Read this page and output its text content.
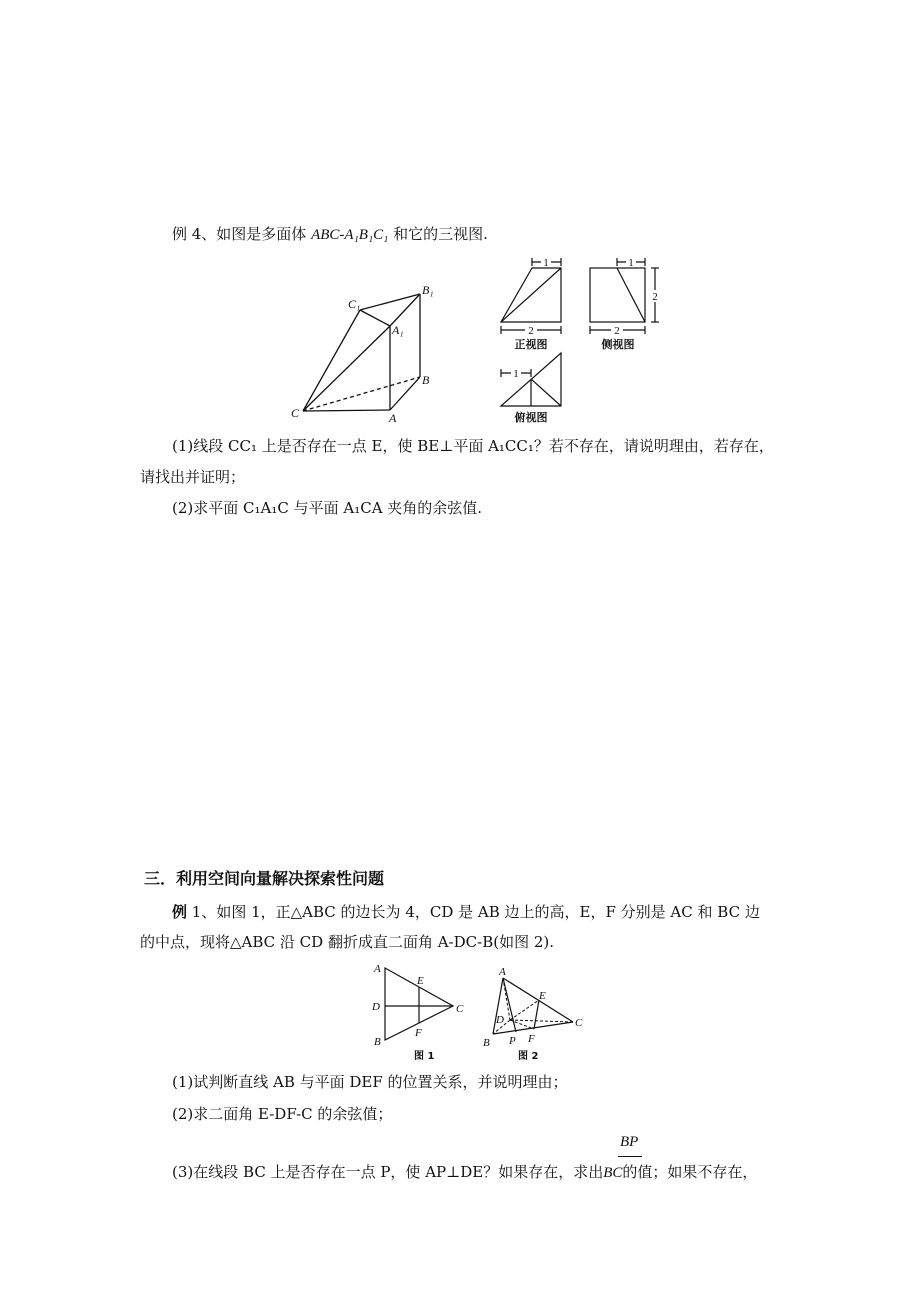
例 4、如图是多面体 ABC-A₁B₁C₁ 和它的三视图.
C₁
B₁
A₁
B
C	A
1
2
1
2
2
1
正视图	侧视图
俯视图
(1)线段 CC₁ 上是否存在一点 E，使 BE⊥平面 A₁CC₁？若不存在，请说明理由，若存在，
请找出并证明；
(2)求平面 C₁A₁C 与平面 A₁CA 夹角的余弦值.
三．利用空间向量解决探索性问题
例 1、如图 1，正△ABC 的边长为 4，CD 是 AB 边上的高，E，F 分别是 AC 和 BC 边
的中点，现将△ABC 沿 CD 翻折成直二面角 A-DC-B(如图 2).
A
B
C
D
E
F
图 1
A
B
C
D
E
F
P
图 2
(1)试判断直线 AB 与平面 DEF 的位置关系，并说明理由；
(2)求二面角 E-DF-C 的余弦值；
BP
(3)在线段 BC 上是否存在一点 P，使 AP⊥DE？如果存在，求出BC的值；如果不存在，
